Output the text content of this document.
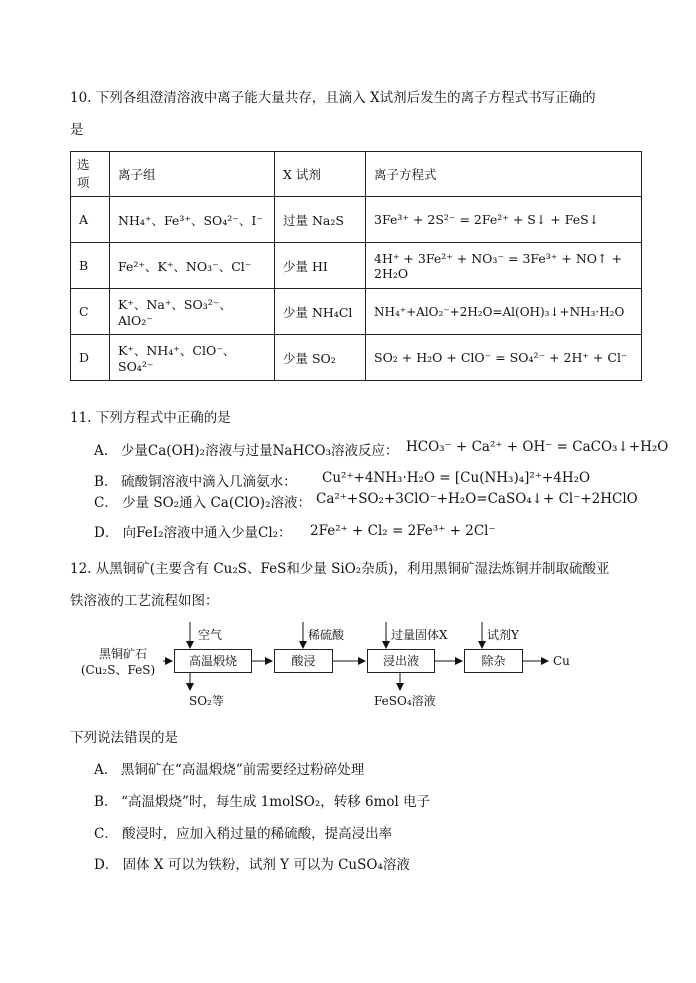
10. 下列各组澄清溶液中离子能大量共存，且滴入 X试剂后发生的离子方程式书写正确的
是
选
项	离子组	X 试剂	离子方程式
A	NH₄⁺、Fe³⁺、SO₄²⁻、I⁻	过量 Na₂S	3Fe³⁺ + 2S²⁻ = 2Fe²⁺ + S↓ + FeS↓
B	Fe²⁺、K⁺、NO₃⁻、Cl⁻	少量 HI	4H⁺ + 3Fe²⁺ + NO₃⁻ = 3Fe³⁺ + NO↑ + 2H₂O
C	K⁺、Na⁺、SO₃²⁻、AlO₂⁻	少量 NH₄Cl	NH₄⁺+AlO₂⁻+2H₂O=Al(OH)₃↓+NH₃·H₂O
D	K⁺、NH₄⁺、ClO⁻、SO₄²⁻	少量 SO₂	SO₂ + H₂O + ClO⁻ = SO₄²⁻ + 2H⁺ + Cl⁻
11. 下列方程式中正确的是
A. 少量Ca(OH)₂溶液与过量NaHCO₃溶液反应： HCO₃⁻ + Ca²⁺ + OH⁻ = CaCO₃↓+H₂O
B. 硫酸铜溶液中滴入几滴氨水： Cu²⁺+4NH₃·H₂O = [Cu(NH₃)₄]²⁺+4H₂O
C． 少量 SO₂通入 Ca(ClO)₂溶液： Ca²⁺+SO₂+3ClO⁻+H₂O=CaSO₄↓+ Cl⁻+2HClO
D． 向FeI₂溶液中通入少量Cl₂： 2Fe²⁺ + Cl₂ = 2Fe³⁺ + 2Cl⁻
12. 从黑铜矿(主要含有 Cu₂S、FeS和少量 SiO₂杂质)，利用黑铜矿湿法炼铜并制取硫酸亚
铁溶液的工艺流程如图：
黑铜矿石
(Cu₂S、FeS)
高温煅烧	酸浸	浸出液	除杂
空气	稀硫酸	过量固体X	试剂Y
SO₂等	FeSO₄溶液
Cu
下列说法错误的是
A. 黑铜矿在“高温煅烧”前需要经过粉碎处理
B. “高温煅烧”时，每生成 1molSO₂，转移 6mol 电子
C． 酸浸时，应加入稍过量的稀硫酸，提高浸出率
D． 固体 X 可以为铁粉，试剂 Y 可以为 CuSO₄溶液
